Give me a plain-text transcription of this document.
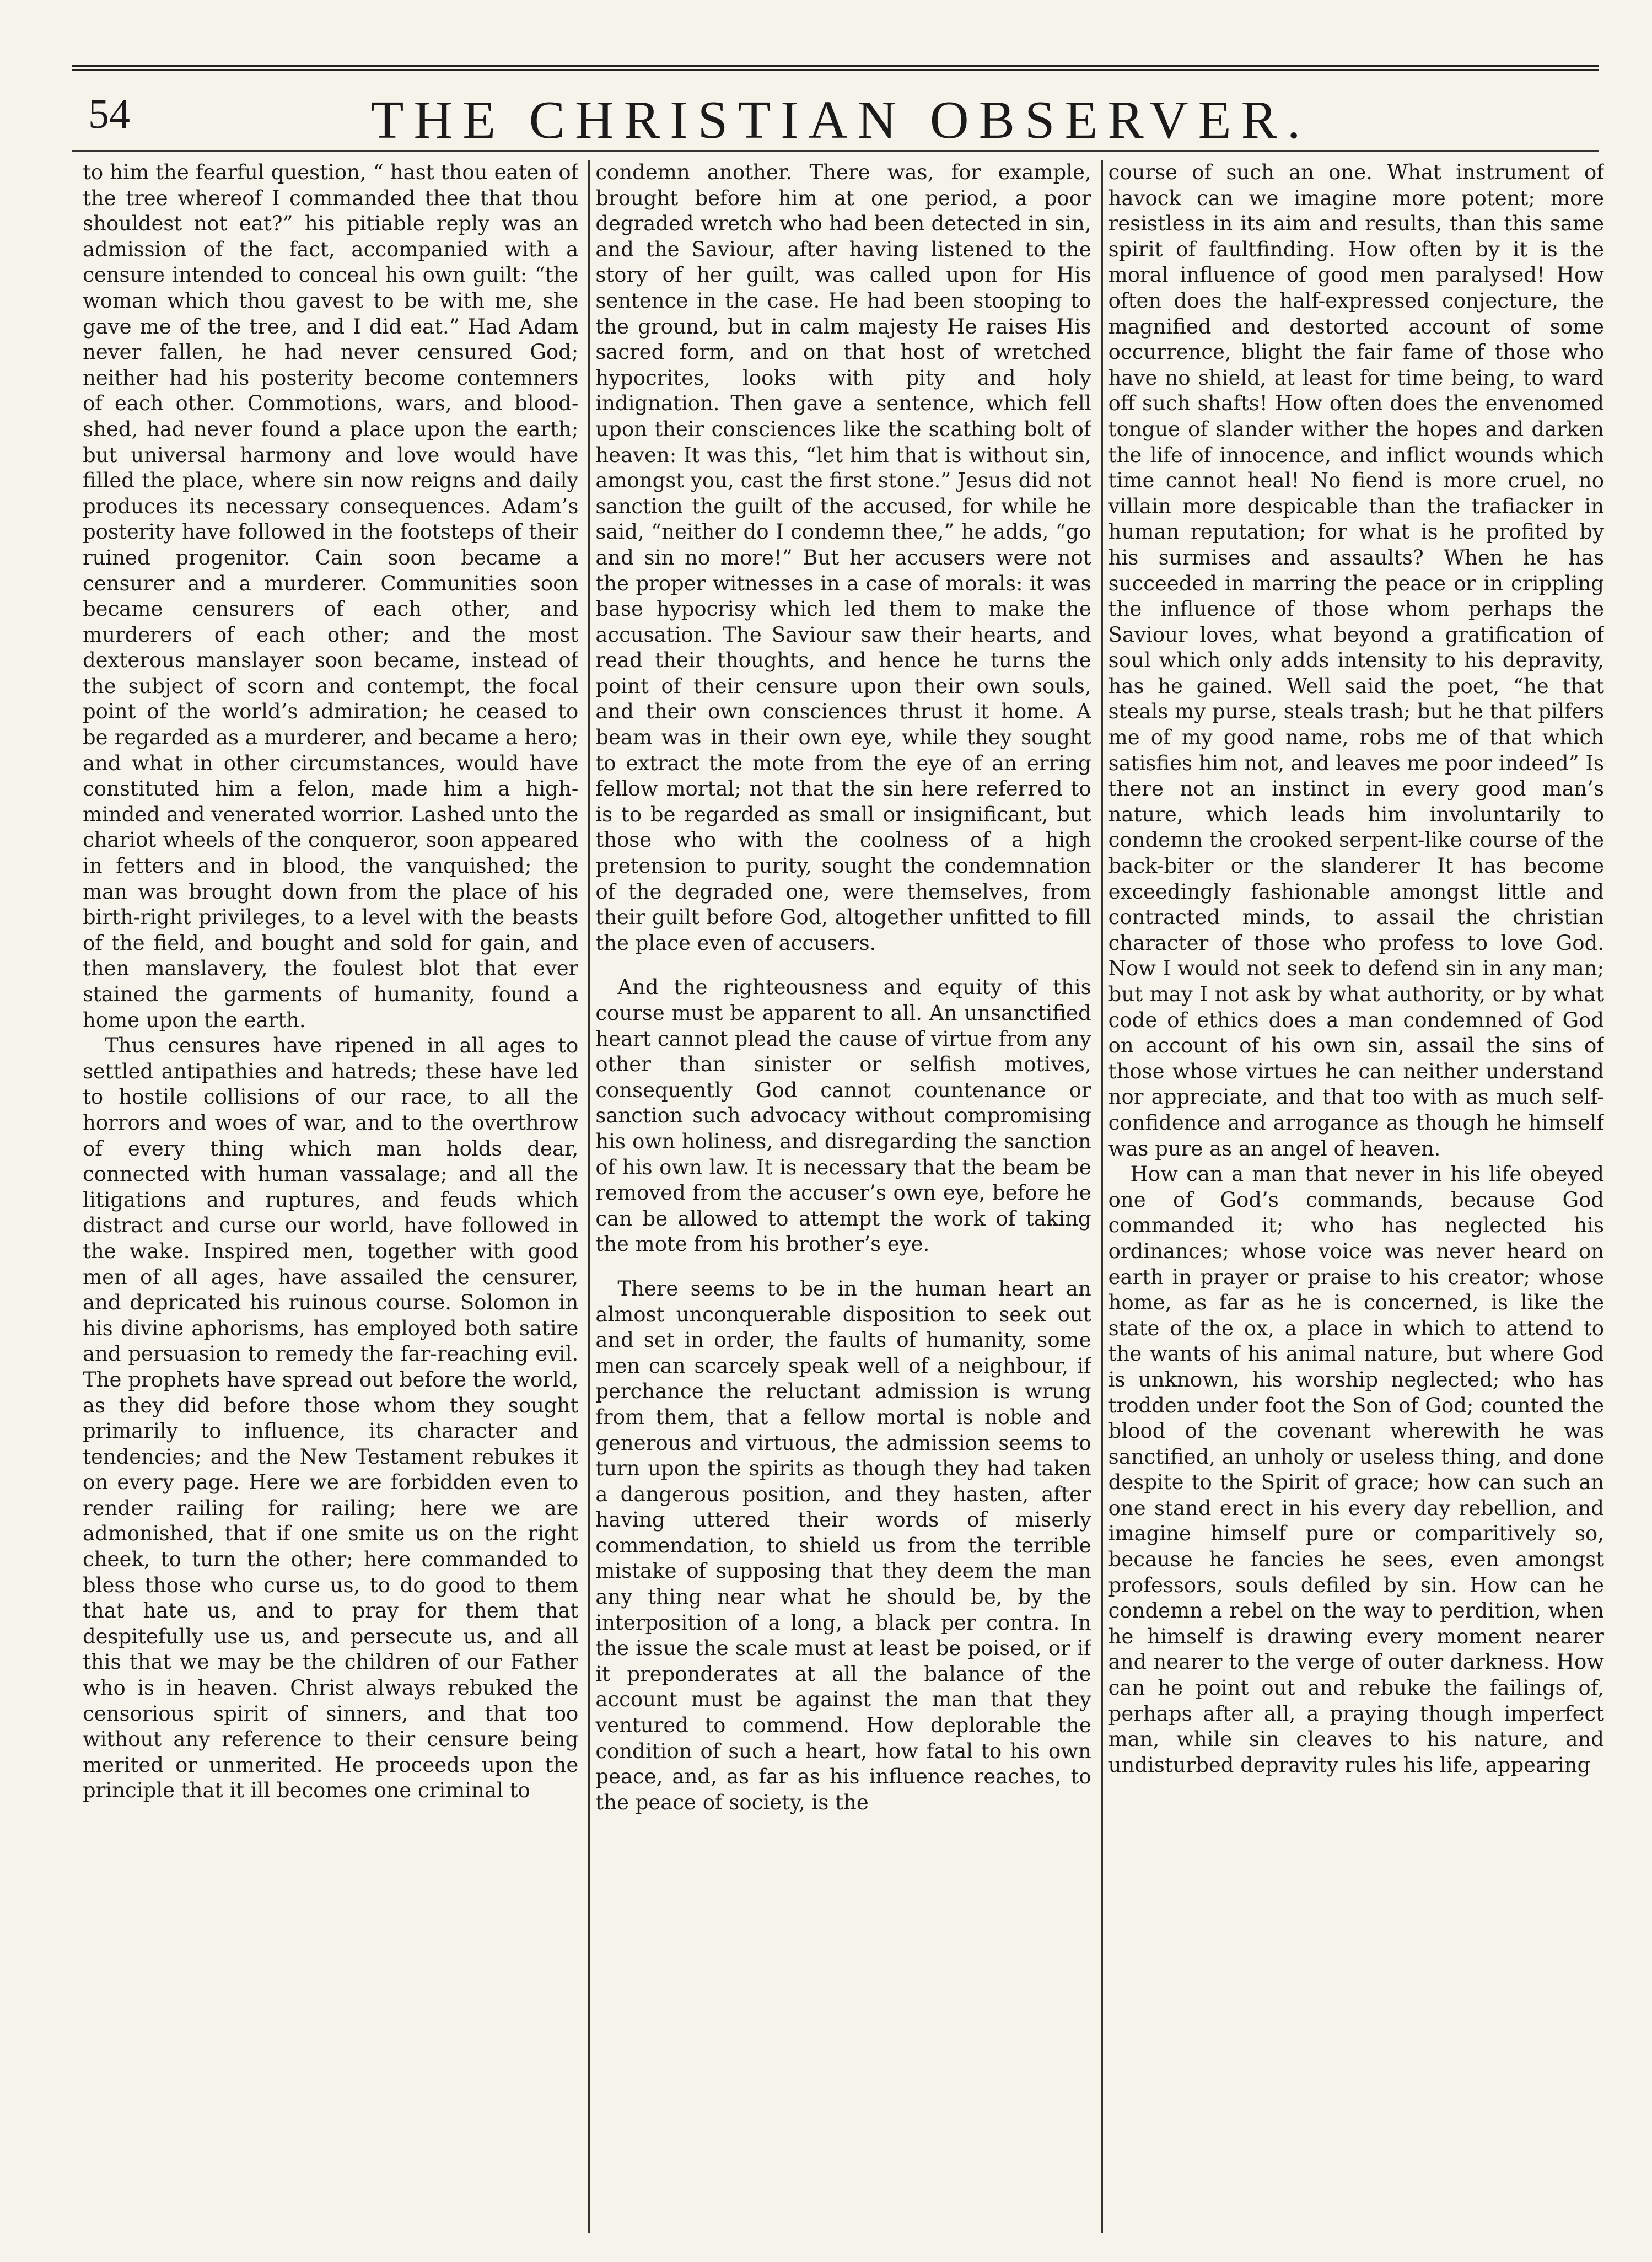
54	THE CHRISTIAN OBSERVER.

to him the fearful question, “ hast thou eaten of the tree whereof I commanded thee that thou shouldest not eat?” his pitiable reply was an admission of the fact, accompanied with a censure intended to conceal his own guilt: “the woman which thou gavest to be with me, she gave me of the tree, and I did eat.” Had Adam never fallen, he had never censured God; neither had his posterity become contemners of each other. Commotions, wars, and blood-shed, had never found a place upon the earth; but universal harmony and love would have filled the place, where sin now reigns and daily produces its necessary consequences. Adam’s posterity have followed in the footsteps of their ruined progenitor. Cain soon became a censurer and a murderer. Communities soon became censurers of each other, and murderers of each other; and the most dexterous manslayer soon became, instead of the subject of scorn and contempt, the focal point of the world’s admiration; he ceased to be regarded as a murderer, and became a hero; and what in other circumstances, would have constituted him a felon, made him a high-minded and venerated worrior. Lashed unto the chariot wheels of the conqueror, soon appeared in fetters and in blood, the vanquished; the man was brought down from the place of his birth-right privileges, to a level with the beasts of the field, and bought and sold for gain, and then manslavery, the foulest blot that ever stained the garments of humanity, found a home upon the earth.

Thus censures have ripened in all ages to settled antipathies and hatreds; these have led to hostile collisions of our race, to all the horrors and woes of war, and to the overthrow of every thing which man holds dear, connected with human vassalage; and all the litigations and ruptures, and feuds which distract and curse our world, have followed in the wake. Inspired men, together with good men of all ages, have assailed the censurer, and depricated his ruinous course. Solomon in his divine aphorisms, has employed both satire and persuasion to remedy the far-reaching evil. The prophets have spread out before the world, as they did before those whom they sought primarily to influence, its character and tendencies; and the New Testament rebukes it on every page. Here we are forbidden even to render railing for railing; here we are admonished, that if one smite us on the right cheek, to turn the other; here commanded to bless those who curse us, to do good to them that hate us, and to pray for them that despitefully use us, and persecute us, and all this that we may be the children of our Father who is in heaven. Christ always rebuked the censorious spirit of sinners, and that too without any reference to their censure being merited or unmerited. He proceeds upon the principle that it ill becomes one criminal to

condemn another. There was, for example, brought before him at one period, a poor degraded wretch who had been detected in sin, and the Saviour, after having listened to the story of her guilt, was called upon for His sentence in the case. He had been stooping to the ground, but in calm majesty He raises His sacred form, and on that host of wretched hypocrites, looks with pity and holy indignation. Then gave a sentence, which fell upon their consciences like the scathing bolt of heaven: It was this, “let him that is without sin, amongst you, cast the first stone.” Jesus did not sanction the guilt of the accused, for while he said, “neither do I condemn thee,” he adds, “go and sin no more!” But her accusers were not the proper witnesses in a case of morals: it was base hypocrisy which led them to make the accusation. The Saviour saw their hearts, and read their thoughts, and hence he turns the point of their censure upon their own souls, and their own consciences thrust it home. A beam was in their own eye, while they sought to extract the mote from the eye of an erring fellow mortal; not that the sin here referred to is to be regarded as small or insignificant, but those who with the coolness of a high pretension to purity, sought the condemnation of the degraded one, were themselves, from their guilt before God, altogether unfitted to fill the place even of accusers.

And the righteousness and equity of this course must be apparent to all. An unsanctified heart cannot plead the cause of virtue from any other than sinister or selfish motives, consequently God cannot countenance or sanction such advocacy without compromising his own holiness, and disregarding the sanction of his own law. It is necessary that the beam be removed from the accuser’s own eye, before he can be allowed to attempt the work of taking the mote from his brother’s eye.

There seems to be in the human heart an almost unconquerable disposition to seek out and set in order, the faults of humanity, some men can scarcely speak well of a neighbour, if perchance the reluctant admission is wrung from them, that a fellow mortal is noble and generous and virtuous, the admission seems to turn upon the spirits as though they had taken a dangerous position, and they hasten, after having uttered their words of miserly commendation, to shield us from the terrible mistake of supposing that they deem the man any thing near what he should be, by the interposition of a long, a black per contra. In the issue the scale must at least be poised, or if it preponderates at all the balance of the account must be against the man that they ventured to commend. How deplorable the condition of such a heart, how fatal to his own peace, and, as far as his influence reaches, to the peace of society, is the

course of such an one. What instrument of havock can we imagine more potent; more resistless in its aim and results, than this same spirit of faultfinding. How often by it is the moral influence of good men paralysed! How often does the half-expressed conjecture, the magnified and destorted account of some occurrence, blight the fair fame of those who have no shield, at least for time being, to ward off such shafts! How often does the envenomed tongue of slander wither the hopes and darken the life of innocence, and inflict wounds which time cannot heal! No fiend is more cruel, no villain more despicable than the trafiacker in human reputation; for what is he profited by his surmises and assaults? When he has succeeded in marring the peace or in crippling the influence of those whom perhaps the Saviour loves, what beyond a gratification of soul which only adds intensity to his depravity, has he gained. Well said the poet, “he that steals my purse, steals trash; but he that pilfers me of my good name, robs me of that which satisfies him not, and leaves me poor indeed” Is there not an instinct in every good man’s nature, which leads him involuntarily to condemn the crooked serpent-like course of the back-biter or the slanderer It has become exceedingly fashionable amongst little and contracted minds, to assail the christian character of those who profess to love God. Now I would not seek to defend sin in any man; but may I not ask by what authority, or by what code of ethics does a man condemned of God on account of his own sin, assail the sins of those whose virtues he can neither understand nor appreciate, and that too with as much self-confidence and arrogance as though he himself was pure as an angel of heaven.

How can a man that never in his life obeyed one of God’s commands, because God commanded it; who has neglected his ordinances; whose voice was never heard on earth in prayer or praise to his creator; whose home, as far as he is concerned, is like the state of the ox, a place in which to attend to the wants of his animal nature, but where God is unknown, his worship neglected; who has trodden under foot the Son of God; counted the blood of the covenant wherewith he was sanctified, an unholy or useless thing, and done despite to the Spirit of grace; how can such an one stand erect in his every day rebellion, and imagine himself pure or comparitively so, because he fancies he sees, even amongst professors, souls defiled by sin. How can he condemn a rebel on the way to perdition, when he himself is drawing every moment nearer and nearer to the verge of outer darkness. How can he point out and rebuke the failings of, perhaps after all, a praying though imperfect man, while sin cleaves to his nature, and undisturbed depravity rules his life, appearing
